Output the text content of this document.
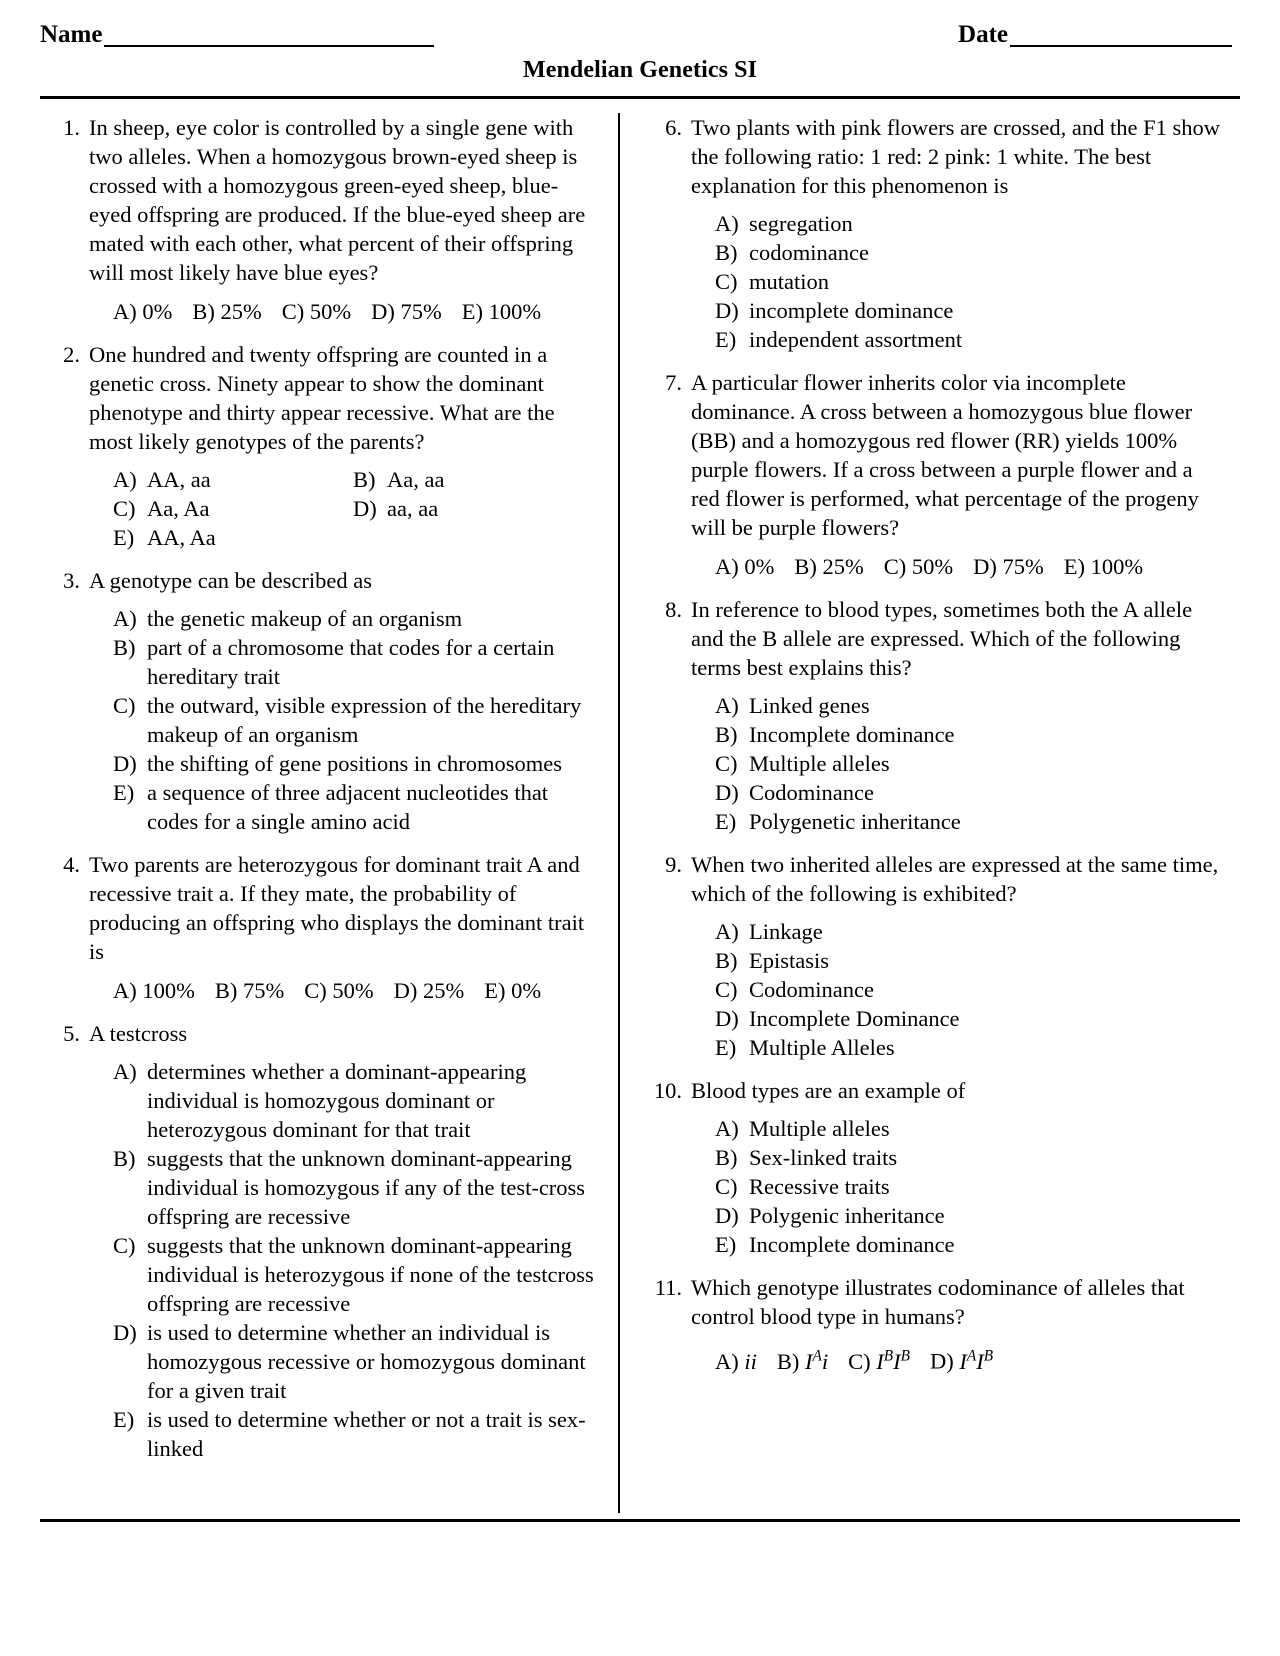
Name	Date
Mendelian Genetics SI
1. In sheep, eye color is controlled by a single gene with two alleles. When a homozygous brown-eyed sheep is crossed with a homozygous green-eyed sheep, blue-eyed offspring are produced. If the blue-eyed sheep are mated with each other, what percent of their offspring will most likely have blue eyes?
A) 0% B) 25% C) 50% D) 75% E) 100%
2. One hundred and twenty offspring are counted in a genetic cross. Ninety appear to show the dominant phenotype and thirty appear recessive. What are the most likely genotypes of the parents?
A) AA, aa	B) Aa, aa
C) Aa, Aa	D) aa, aa
E) AA, Aa
3. A genotype can be described as
A) the genetic makeup of an organism
B) part of a chromosome that codes for a certain hereditary trait
C) the outward, visible expression of the hereditary makeup of an organism
D) the shifting of gene positions in chromosomes
E) a sequence of three adjacent nucleotides that codes for a single amino acid
4. Two parents are heterozygous for dominant trait A and recessive trait a. If they mate, the probability of producing an offspring who displays the dominant trait is
A) 100% B) 75% C) 50% D) 25% E) 0%
5. A testcross
A) determines whether a dominant-appearing individual is homozygous dominant or heterozygous dominant for that trait
B) suggests that the unknown dominant-appearing individual is homozygous if any of the test-cross offspring are recessive
C) suggests that the unknown dominant-appearing individual is heterozygous if none of the testcross offspring are recessive
D) is used to determine whether an individual is homozygous recessive or homozygous dominant for a given trait
E) is used to determine whether or not a trait is sex-linked
6. Two plants with pink flowers are crossed, and the F1 show the following ratio: 1 red: 2 pink: 1 white. The best explanation for this phenomenon is
A) segregation
B) codominance
C) mutation
D) incomplete dominance
E) independent assortment
7. A particular flower inherits color via incomplete dominance. A cross between a homozygous blue flower (BB) and a homozygous red flower (RR) yields 100% purple flowers. If a cross between a purple flower and a red flower is performed, what percentage of the progeny will be purple flowers?
A) 0% B) 25% C) 50% D) 75% E) 100%
8. In reference to blood types, sometimes both the A allele and the B allele are expressed. Which of the following terms best explains this?
A) Linked genes
B) Incomplete dominance
C) Multiple alleles
D) Codominance
E) Polygenetic inheritance
9. When two inherited alleles are expressed at the same time, which of the following is exhibited?
A) Linkage
B) Epistasis
C) Codominance
D) Incomplete Dominance
E) Multiple Alleles
10. Blood types are an example of
A) Multiple alleles
B) Sex-linked traits
C) Recessive traits
D) Polygenic inheritance
E) Incomplete dominance
11. Which genotype illustrates codominance of alleles that control blood type in humans?
A) ii B) $I^Ai$ C) $I^BI^B$ D) $I^AI^B$
